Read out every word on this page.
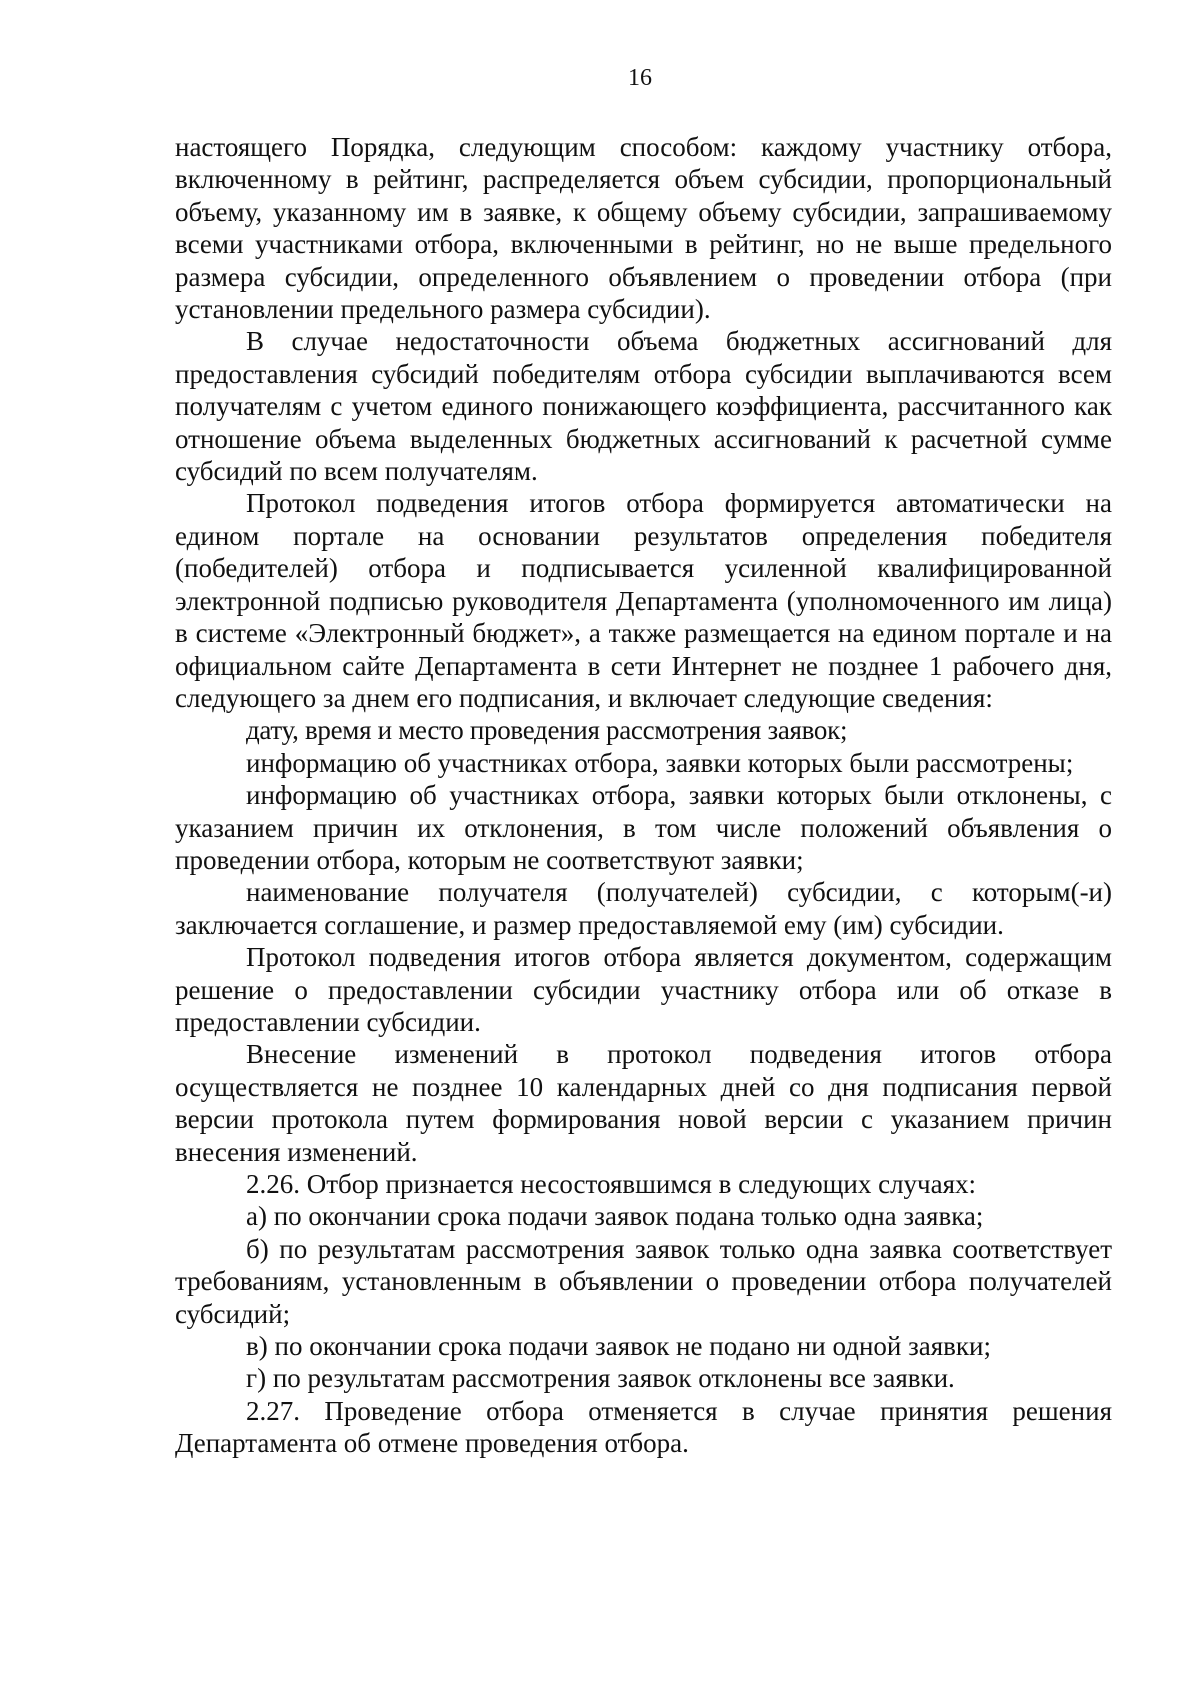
16

настоящего Порядка, следующим способом: каждому участнику отбора, включенному в рейтинг, распределяется объем субсидии, пропорциональный объему, указанному им в заявке, к общему объему субсидии, запрашиваемому всеми участниками отбора, включенными в рейтинг, но не выше предельного размера субсидии, определенного объявлением о проведении отбора (при установлении предельного размера субсидии).

В случае недостаточности объема бюджетных ассигнований для предоставления субсидий победителям отбора субсидии выплачиваются всем получателям с учетом единого понижающего коэффициента, рассчитанного как отношение объема выделенных бюджетных ассигнований к расчетной сумме субсидий по всем получателям.

Протокол подведения итогов отбора формируется автоматически на едином портале на основании результатов определения победителя (победителей) отбора и подписывается усиленной квалифицированной электронной подписью руководителя Департамента (уполномоченного им лица) в системе «Электронный бюджет», а также размещается на едином портале и на официальном сайте Департамента в сети Интернет не позднее 1 рабочего дня, следующего за днем его подписания, и включает следующие сведения:

дату, время и место проведения рассмотрения заявок;

информацию об участниках отбора, заявки которых были рассмотрены;

информацию об участниках отбора, заявки которых были отклонены, с указанием причин их отклонения, в том числе положений объявления о проведении отбора, которым не соответствуют заявки;

наименование получателя (получателей) субсидии, с которым(-и) заключается соглашение, и размер предоставляемой ему (им) субсидии.

Протокол подведения итогов отбора является документом, содержащим решение о предоставлении субсидии участнику отбора или об отказе в предоставлении субсидии.

Внесение изменений в протокол подведения итогов отбора осуществляется не позднее 10 календарных дней со дня подписания первой версии протокола путем формирования новой версии с указанием причин внесения изменений.

2.26. Отбор признается несостоявшимся в следующих случаях:

а) по окончании срока подачи заявок подана только одна заявка;

б) по результатам рассмотрения заявок только одна заявка соответствует требованиям, установленным в объявлении о проведении отбора получателей субсидий;

в) по окончании срока подачи заявок не подано ни одной заявки;

г) по результатам рассмотрения заявок отклонены все заявки.

2.27. Проведение отбора отменяется в случае принятия решения Департамента об отмене проведения отбора.
